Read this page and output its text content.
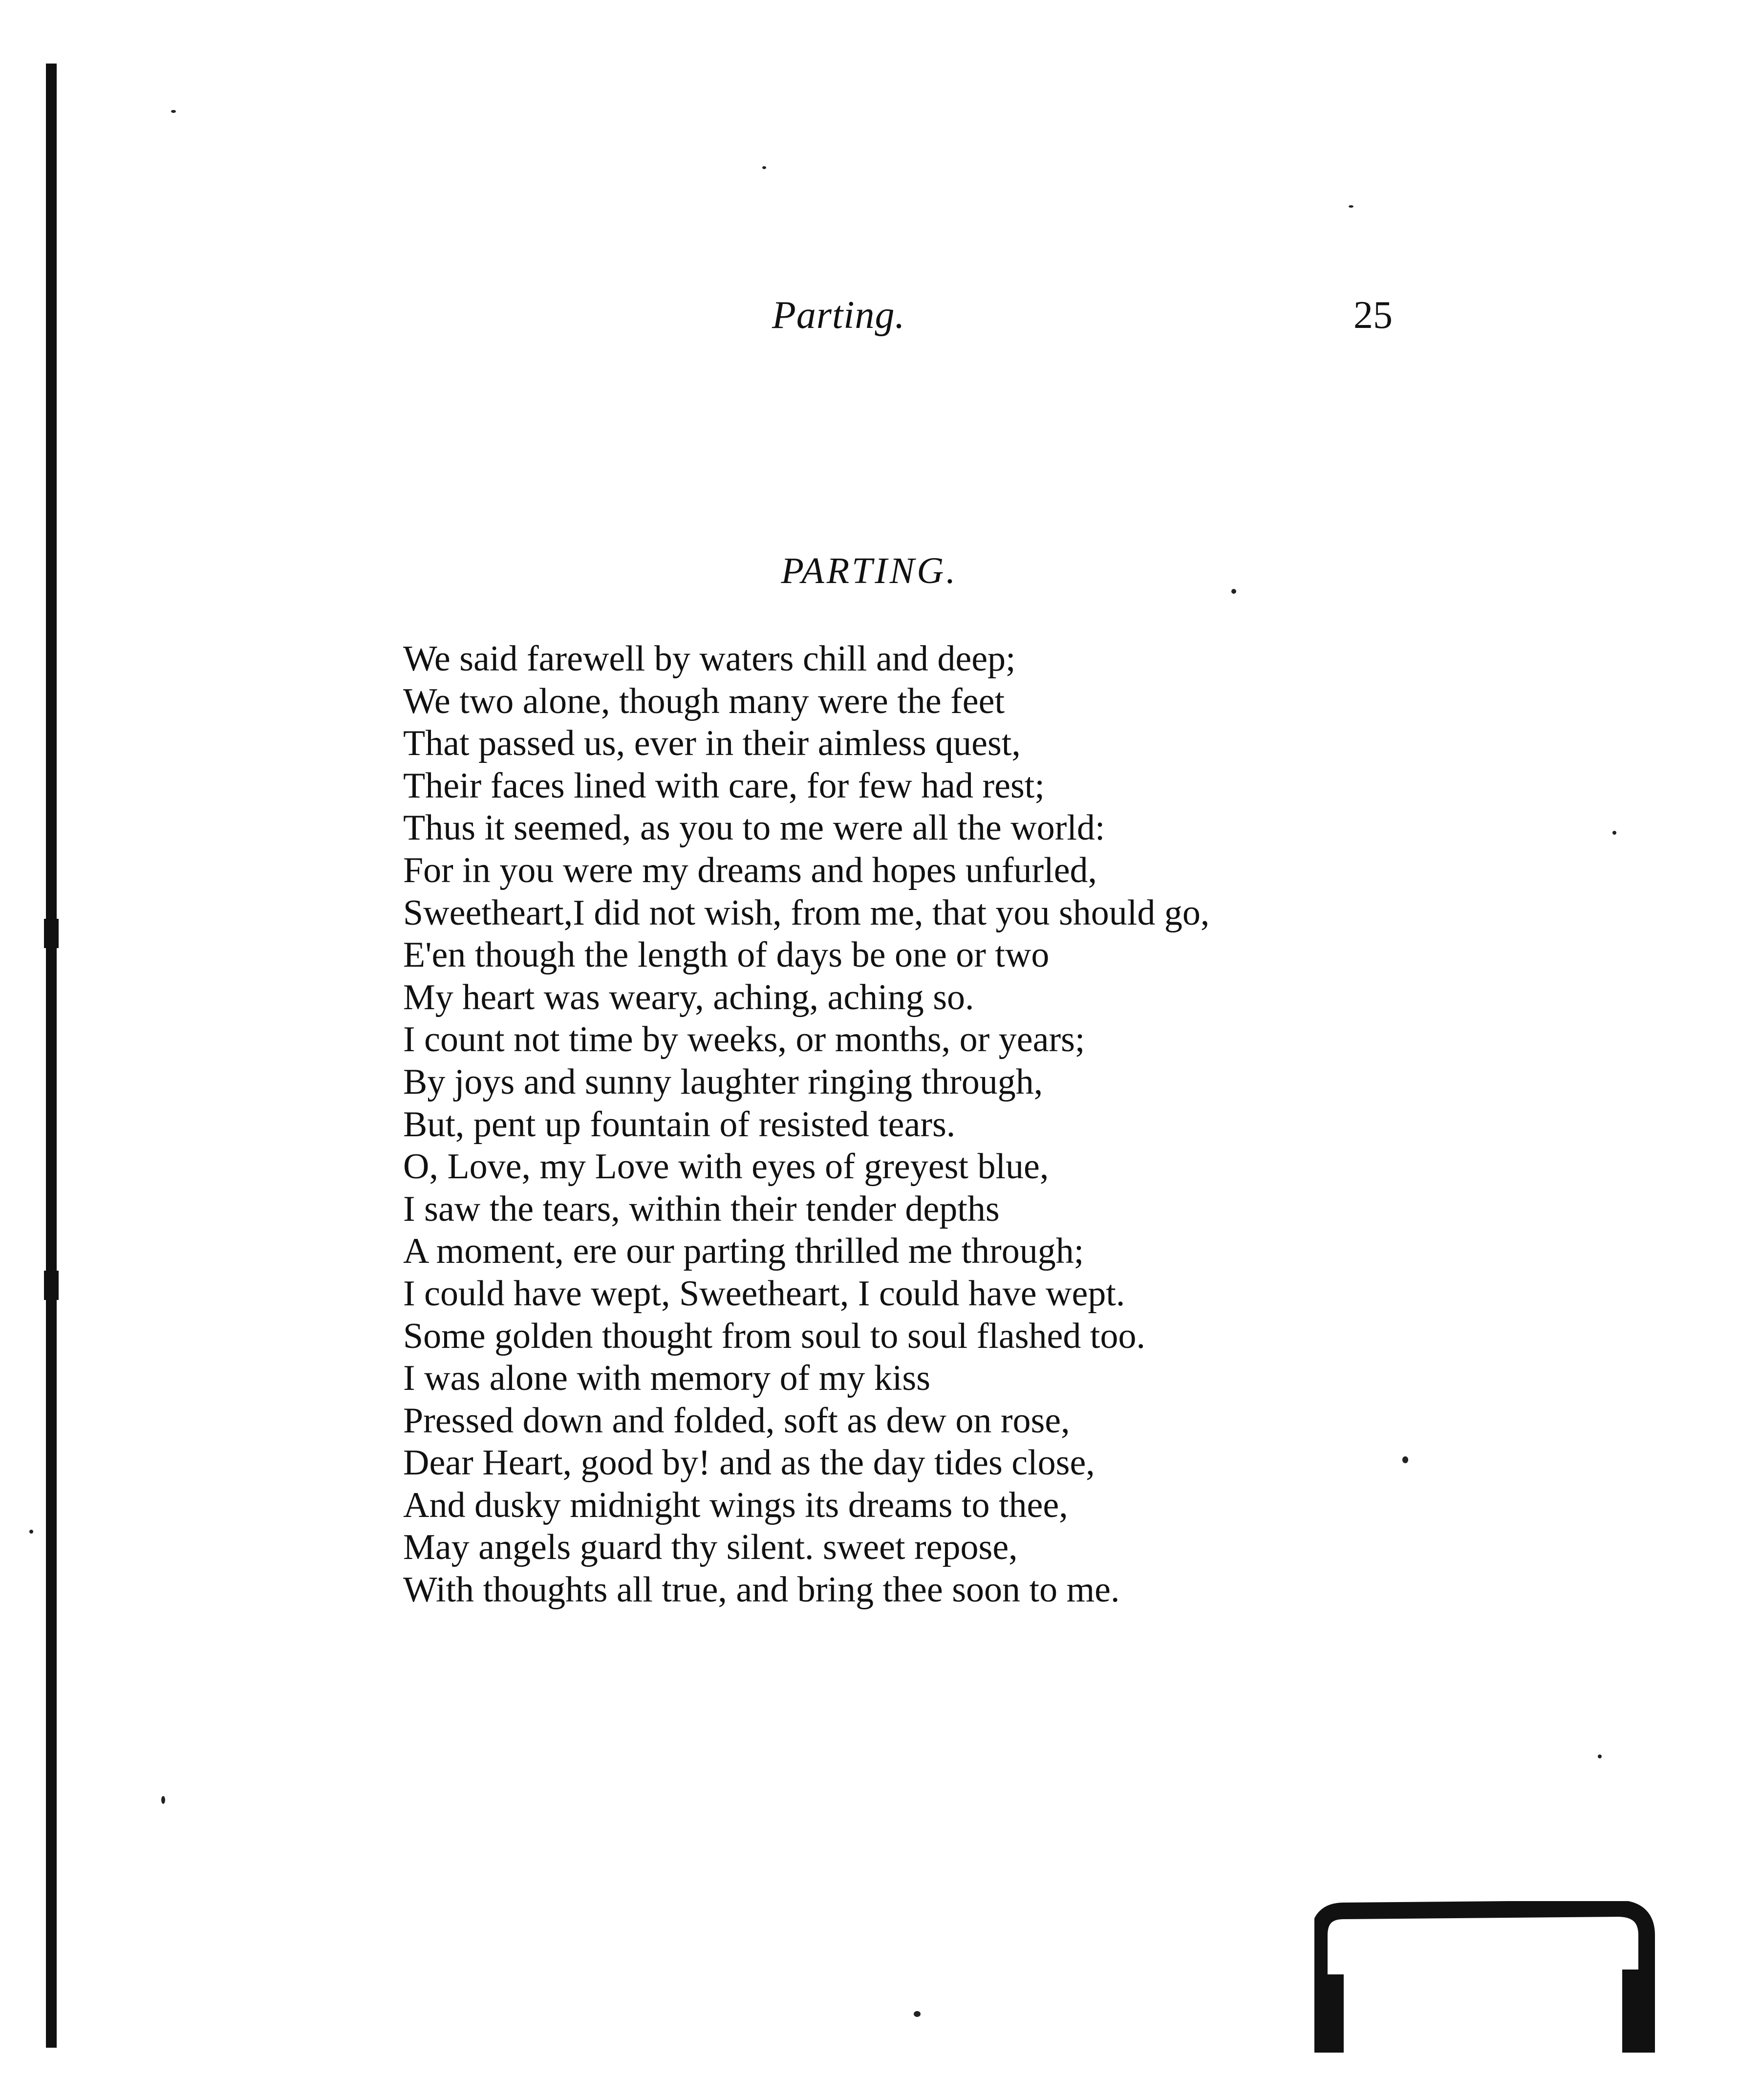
Parting.	25
PARTING.
We said farewell by waters chill and deep;
We two alone, though many were the feet
That passed us, ever in their aimless quest,
Their faces lined with care, for few had rest;
Thus it seemed, as you to me were all the world:
For in you were my dreams and hopes unfurled,
Sweetheart,I did not wish, from me, that you should go,
E'en though the length of days be one or two
My heart was weary, aching, aching so.
I count not time by weeks, or months, or years;
By joys and sunny laughter ringing through,
But, pent up fountain of resisted tears.
O, Love, my Love with eyes of greyest blue,
I saw the tears, within their tender depths
A moment, ere our parting thrilled me through;
I could have wept, Sweetheart, I could have wept.
Some golden thought from soul to soul flashed too.
I was alone with memory of my kiss
Pressed down and folded, soft as dew on rose,
Dear Heart, good by! and as the day tides close,
And dusky midnight wings its dreams to thee,
May angels guard thy silent. sweet repose,
With thoughts all true, and bring thee soon to me.
